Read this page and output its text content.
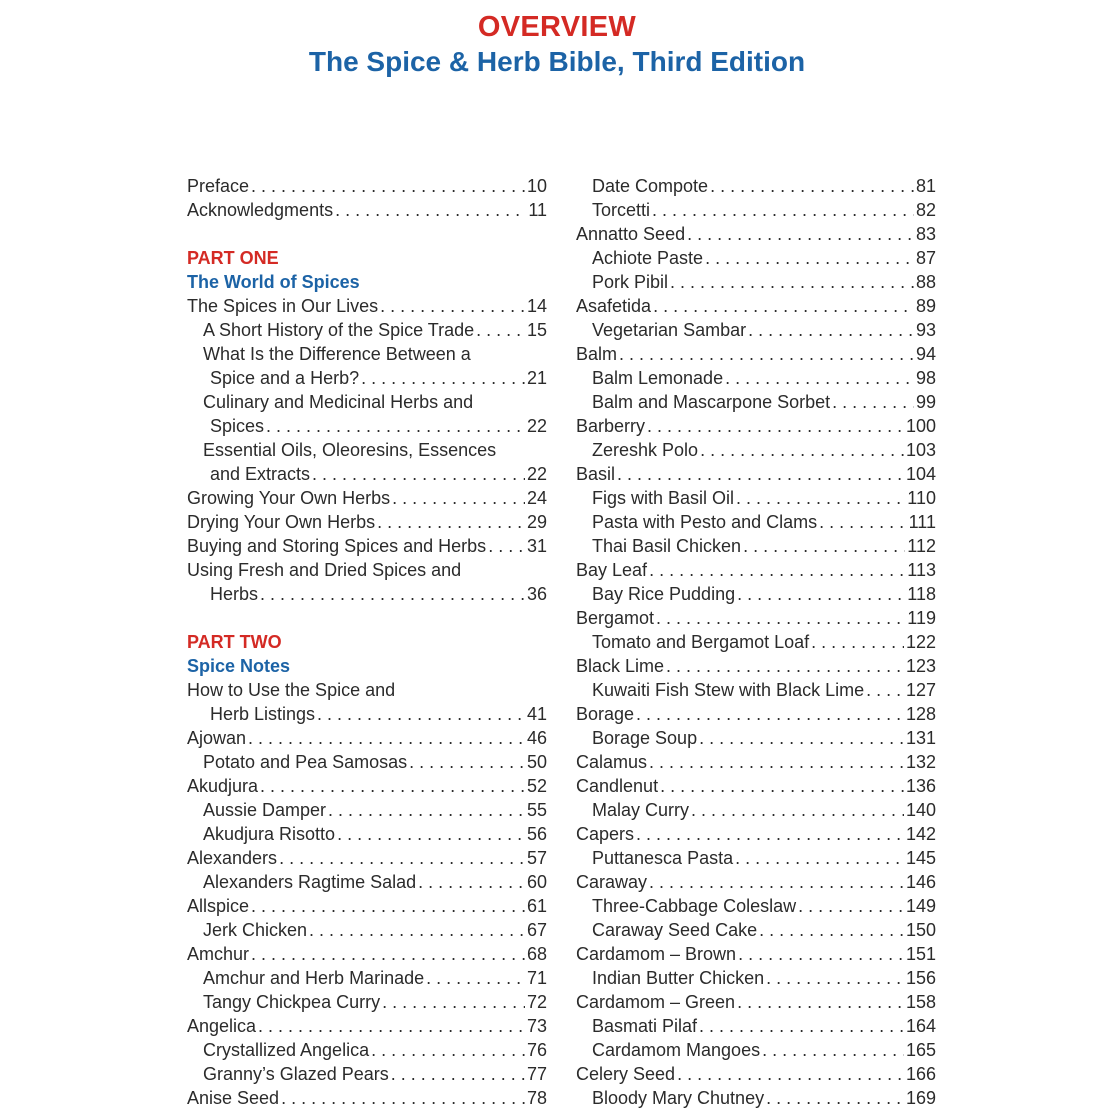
OVERVIEW
The Spice & Herb Bible, Third Edition
Preface . . .	10
Acknowledgments . . .	11
PART ONE
The World of Spices
The Spices in Our Lives . . .	14
A Short History of the Spice Trade . . .	15
What Is the Difference Between a
Spice and a Herb? . . .	21
Culinary and Medicinal Herbs and
Spices . . .	22
Essential Oils, Oleoresins, Essences
and Extracts . . .	22
Growing Your Own Herbs . . .	24
Drying Your Own Herbs . . .	29
Buying and Storing Spices and Herbs . . . 31
Using Fresh and Dried Spices and
Herbs . . .	36
PART TWO
Spice Notes
How to Use the Spice and
Herb Listings . . .	41
Ajowan . . .	46
Potato and Pea Samosas . . .	50
Akudjura . . .	52
Aussie Damper . . .	55
Akudjura Risotto . . .	56
Alexanders . . .	57
Alexanders Ragtime Salad . . .	60
Allspice . . .	61
Jerk Chicken . . .	67
Amchur . . .	68
Amchur and Herb Marinade . . .	71
Tangy Chickpea Curry . . .	72
Angelica . . .	73
Crystallized Angelica . . .	76
Granny’s Glazed Pears . . .	77
Anise Seed . . .	78
Date Compote . . .	81
Torcetti . . .	82
Annatto Seed . . .	83
Achiote Paste . . .	87
Pork Pibil . . .	88
Asafetida . . .	89
Vegetarian Sambar . . .	93
Balm . . .	94
Balm Lemonade . . .	98
Balm and Mascarpone Sorbet . . .	99
Barberry . . .	100
Zereshk Polo . . .	103
Basil . . .	104
Figs with Basil Oil . . .	110
Pasta with Pesto and Clams . . .	111
Thai Basil Chicken . . .	112
Bay Leaf . . .	113
Bay Rice Pudding . . .	118
Bergamot . . .	119
Tomato and Bergamot Loaf . . .	122
Black Lime . . .	123
Kuwaiti Fish Stew with Black Lime . . . 127
Borage . . .	128
Borage Soup . . .	131
Calamus . . .	132
Candlenut . . .	136
Malay Curry . . .	140
Capers . . .	142
Puttanesca Pasta . . .	145
Caraway . . .	146
Three-Cabbage Coleslaw . . .	149
Caraway Seed Cake . . .	150
Cardamom – Brown . . .	151
Indian Butter Chicken . . .	156
Cardamom – Green . . .	158
Basmati Pilaf . . .	164
Cardamom Mangoes . . .	165
Celery Seed . . .	166
Bloody Mary Chutney . . .	169
